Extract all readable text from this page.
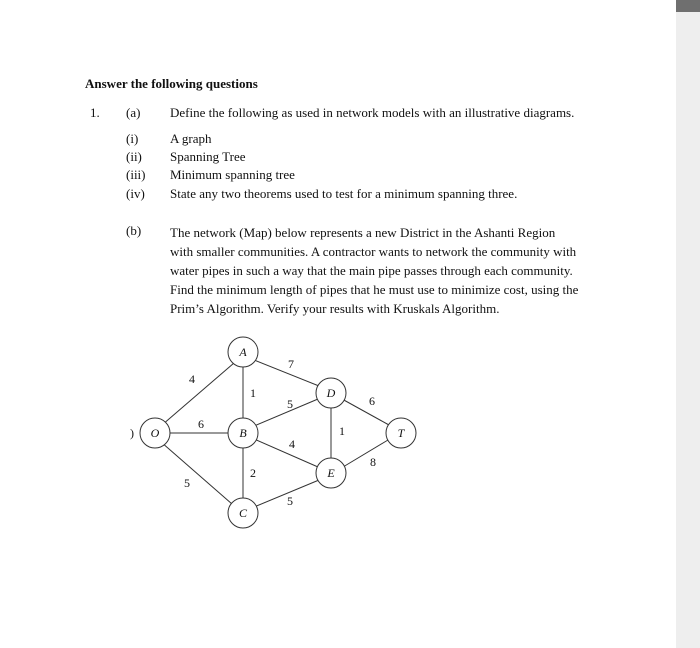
Answer the following questions
1. (a) Define the following as used in network models with an illustrative diagrams.
(i) A graph
(ii) Spanning Tree
(iii) Minimum spanning tree
(iv) State any two theorems used to test for a minimum spanning three.
(b) The network (Map) below represents a new District in the Ashanti Region
with smaller communities. A contractor wants to network the community with
water pipes in such a way that the main pipe passes through each community.
Find the minimum length of pipes that he must use to minimize cost, using the
Prim’s Algorithm. Verify your results with Kruskals Algorithm.
O
A
B
C
D
E
T
)
4
6
5
1
7
5
4
2
5
1
6
8
